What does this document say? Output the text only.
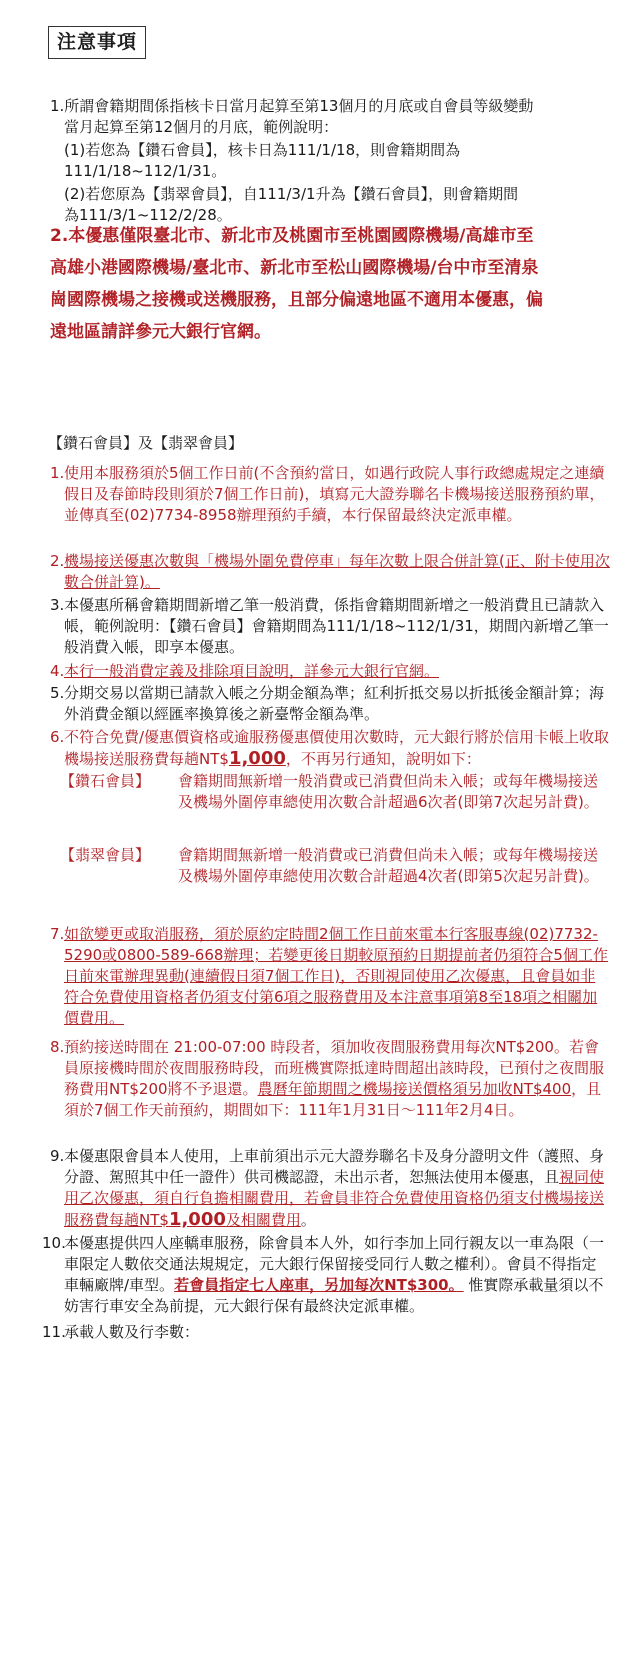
注意事項
1.所謂會籍期間係指核卡日當月起算至第13個月的月底或自會員等級變動
當月起算至第12個月的月底，範例說明：
(1)若您為【鑽石會員】，核卡日為111/1/18，則會籍期間為
111/1/18~112/1/31。
(2)若您原為【翡翠會員】，自111/3/1升為【鑽石會員】，則會籍期間
為111/3/1~112/2/28。
2.本優惠僅限臺北市、新北市及桃園市至桃園國際機場/高雄市至
高雄小港國際機場/臺北市、新北市至松山國際機場/台中市至清泉
崗國際機場之接機或送機服務，且部分偏遠地區不適用本優惠，偏
遠地區請詳參元大銀行官網。
【鑽石會員】及【翡翠會員】
1. 使用本服務須於5個工作日前(不含預約當日，如遇行政院人事行政總處規定之連續假日及春節時段則須於7個工作日前)，填寫元大證券聯名卡機場接送服務預約單，並傳真至(02)7734-8958辦理預約手續，本行保留最終決定派車權。
2. 機場接送優惠次數與「機場外圍免費停車」每年次數上限合併計算(正、附卡使用次數合併計算)。
3. 本優惠所稱會籍期間新增乙筆一般消費，係指會籍期間新增之一般消費且已請款入帳，範例說明：【鑽石會員】會籍期間為111/1/18~112/1/31，期間內新增乙筆一般消費入帳，即享本優惠。
4. 本行一般消費定義及排除項目說明，詳參元大銀行官網。
5. 分期交易以當期已請款入帳之分期金額為準；紅利折抵交易以折抵後金額計算；海外消費金額以經匯率換算後之新臺幣金額為準。
6. 不符合免費/優惠價資格或逾服務優惠價使用次數時，元大銀行將於信用卡帳上收取機場接送服務費每趟NT$1,000，不再另行通知，說明如下：
【鑽石會員】	會籍期間無新增一般消費或已消費但尚未入帳；或每年機場接送及機場外圍停車總使用次數合計超過6次者(即第7次起另計費)。
【翡翠會員】	會籍期間無新增一般消費或已消費但尚未入帳；或每年機場接送及機場外圍停車總使用次數合計超過4次者(即第5次起另計費)。
7. 如欲變更或取消服務，須於原約定時間2個工作日前來電本行客服專線(02)7732-5290或0800-589-668辦理；若變更後日期較原預約日期提前者仍須符合5個工作日前來電辦理異動(連續假日須7個工作日)，否則視同使用乙次優惠，且會員如非符合免費使用資格者仍須支付第6項之服務費用及本注意事項第8至18項之相關加價費用。
8. 預約接送時間在 21:00-07:00 時段者，須加收夜間服務費用每次NT$200。若會員原接機時間於夜間服務時段，而班機實際抵達時間超出該時段，已預付之夜間服務費用NT$200將不予退還。農曆年節期間之機場接送價格須另加收NT$400，且須於7個工作天前預約，期間如下：111年1月31日～111年2月4日。
9. 本優惠限會員本人使用，上車前須出示元大證券聯名卡及身分證明文件（護照、身分證、駕照其中任一證件）供司機認證，未出示者，恕無法使用本優惠，且視同使用乙次優惠，須自行負擔相關費用，若會員非符合免費使用資格仍須支付機場接送服務費每趟NT$1,000及相關費用。
10.
本優惠提供四人座轎車服務，除會員本人外，如行李加上同行親友以一車為限（一車限定人數依交通法規規定，元大銀行保留接受同行人數之權利）。會員不得指定車輛廠牌/車型。若會員指定七人座車，另加每次NT$300。 惟實際承載量須以不妨害行車安全為前提，元大銀行保有最終決定派車權。
11.
承載人數及行李數：
